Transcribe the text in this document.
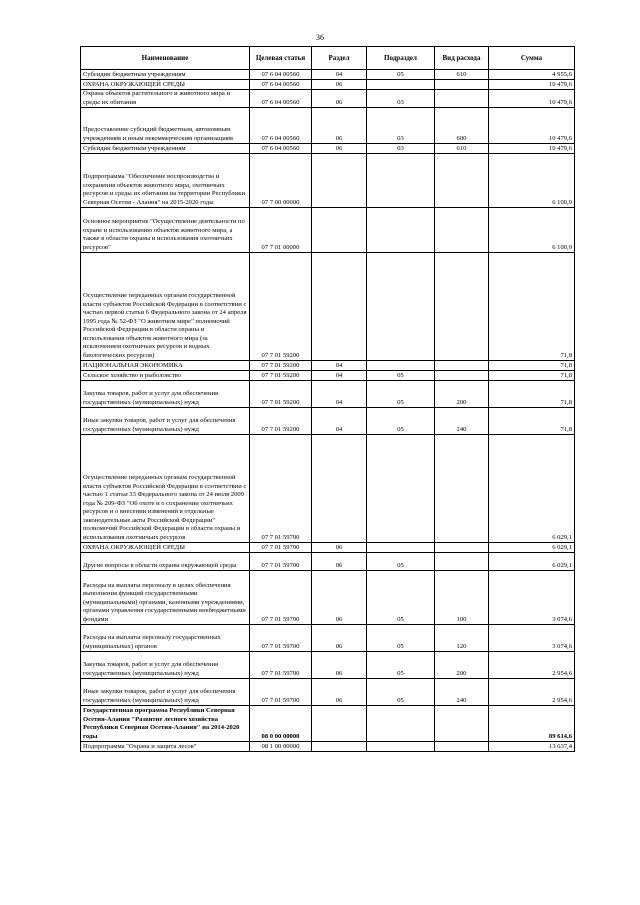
36
Наименование	Целевая статья	Раздел	Подраздел	Вид расхода	Сумма
Субсидии бюджетным учреждениям	07 6 04 00560	04	05	610	4 955,6
ОХРАНА ОКРУЖАЮЩЕЙ СРЕДЫ	07 6 04 00560	06			10 479,6
Охрана объектов растительного и животного мира и среды их обитания	07 6 04 00560	06	03		10 479,6
Предоставление субсидий бюджетным, автономным учреждениям и иным некоммерческим организациям	07 6 04 00560	06	03	600	10 479,6
Субсидии бюджетным учреждениям	07 6 04 00560	06	03	610	10 479,6
Подпрограмма "Обеспечение воспроизводства и сохранения объектов животного мира, охотничьих ресурсов и среды их обитания на территории Республики Северная Осетия - Алания" на 2015-2020 годы	07 7 00 00000				6 100,9
Основное мероприятие "Осуществление деятельности по охране и использованию объектов животного мира, а также в области охраны и использования охотничьих ресурсов"	07 7 01 00000				6 100,9
Осуществление переданных органам государственной власти субъектов Российской Федерации в соответствии с частью первой статьи 6 Федерального закона от 24 апреля 1995 года № 52-ФЗ "О животном мире" полномочий Российской Федерации в области охраны и использования объектов животного мира (за исключением охотничьих ресурсов и водных биологических ресурсов)	07 7 01 59200				71,8
НАЦИОНАЛЬНАЯ ЭКОНОМИКА	07 7 01 59200	04			71,8
Сельское хозяйство и рыболовство	07 7 01 59200	04	05		71,8
Закупка товаров, работ и услуг для обеспечения государственных (муниципальных) нужд	07 7 01 59200	04	05	200	71,8
Иные закупки товаров, работ и услуг для обеспечения государственных (муниципальных) нужд	07 7 01 59200	04	05	240	71,8
Осуществление переданных органам государственной власти субъектов Российской Федерации в соответствии с частью 1 статьи 33 Федерального закона от 24 июля 2009 года № 209-ФЗ "Об охоте и о сохранении охотничьих ресурсов и о внесении изменений в отдельные законодательные акты Российской Федерации" полномочий Российской Федерации в области охраны и использования охотничьих ресурсов	07 7 01 59700				6 029,1
ОХРАНА ОКРУЖАЮЩЕЙ СРЕДЫ	07 7 01 59700	06			6 029,1
Другие вопросы в области охраны окружающей среды	07 7 01 59700	06	05		6 029,1
Расходы на выплаты персоналу в целях обеспечения выполнения функций государственными (муниципальными) органами, казенными учреждениями, органами управления государственными внебюджетными фондами	07 7 01 59700	06	05	100	3 074,6
Расходы на выплаты персоналу государственных (муниципальных) органов	07 7 01 59700	06	05	120	3 074,6
Закупка товаров, работ и услуг для обеспечения государственных (муниципальных) нужд	07 7 01 59700	06	05	200	2 954,6
Иные закупки товаров, работ и услуг для обеспечения государственных (муниципальных) нужд	07 7 01 59700	06	05	240	2 954,6
Государственная программа Республики Северная Осетия-Алания "Развитие лесного хозяйства Республики Северная Осетия-Алания" на 2014-2020 годы	08 0 00 00000				89 614,6
Подпрограмма "Охрана и защита лесов"	08 1 00 00000				13 637,4
